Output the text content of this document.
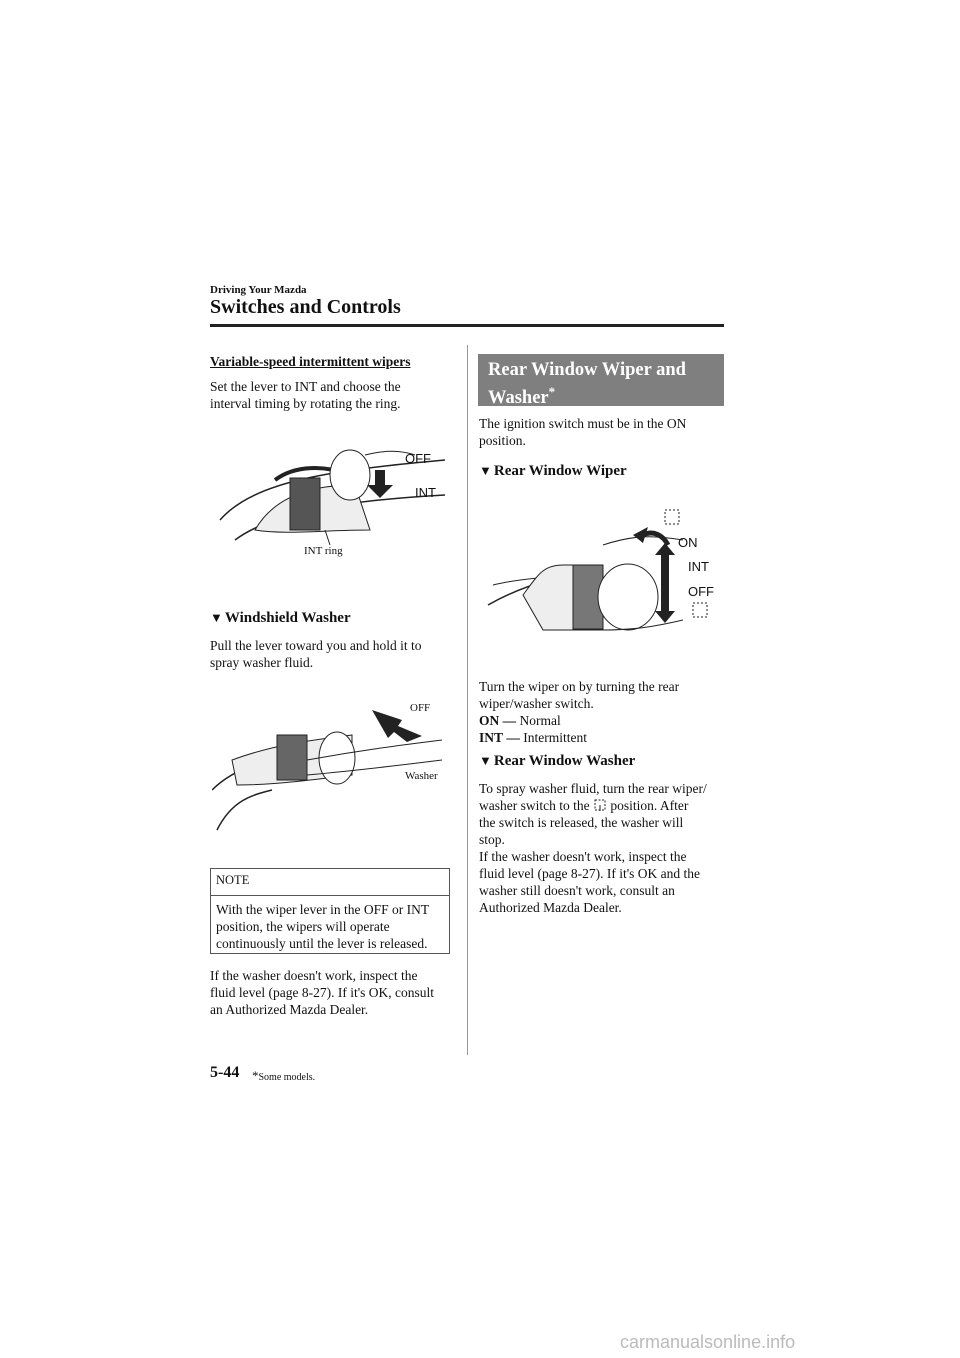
Driving Your Mazda
Switches and Controls
Variable-speed intermittent wipers
Set the lever to INT and choose the
interval timing by rotating the ring.
OFF
INT
INT ring
▼ Windshield Washer
Pull the lever toward you and hold it to
spray washer fluid.
OFF
Washer
NOTE
With the wiper lever in the OFF or INT
position, the wipers will operate
continuously until the lever is released.
If the washer doesn't work, inspect the
fluid level (page 8-27). If it's OK, consult
an Authorized Mazda Dealer.
Rear Window Wiper and
Washer*
The ignition switch must be in the ON
position.
▼ Rear Window Wiper
ON
INT
OFF
Turn the wiper on by turning the rear
wiper/washer switch.
ON — Normal
INT — Intermittent
▼ Rear Window Washer
To spray washer fluid, turn the rear wiper/
washer switch to the position. After
the switch is released, the washer will
stop.
If the washer doesn't work, inspect the
fluid level (page 8-27). If it's OK and the
washer still doesn't work, consult an
Authorized Mazda Dealer.
5-44 *Some models.
carmanualsonline.info
